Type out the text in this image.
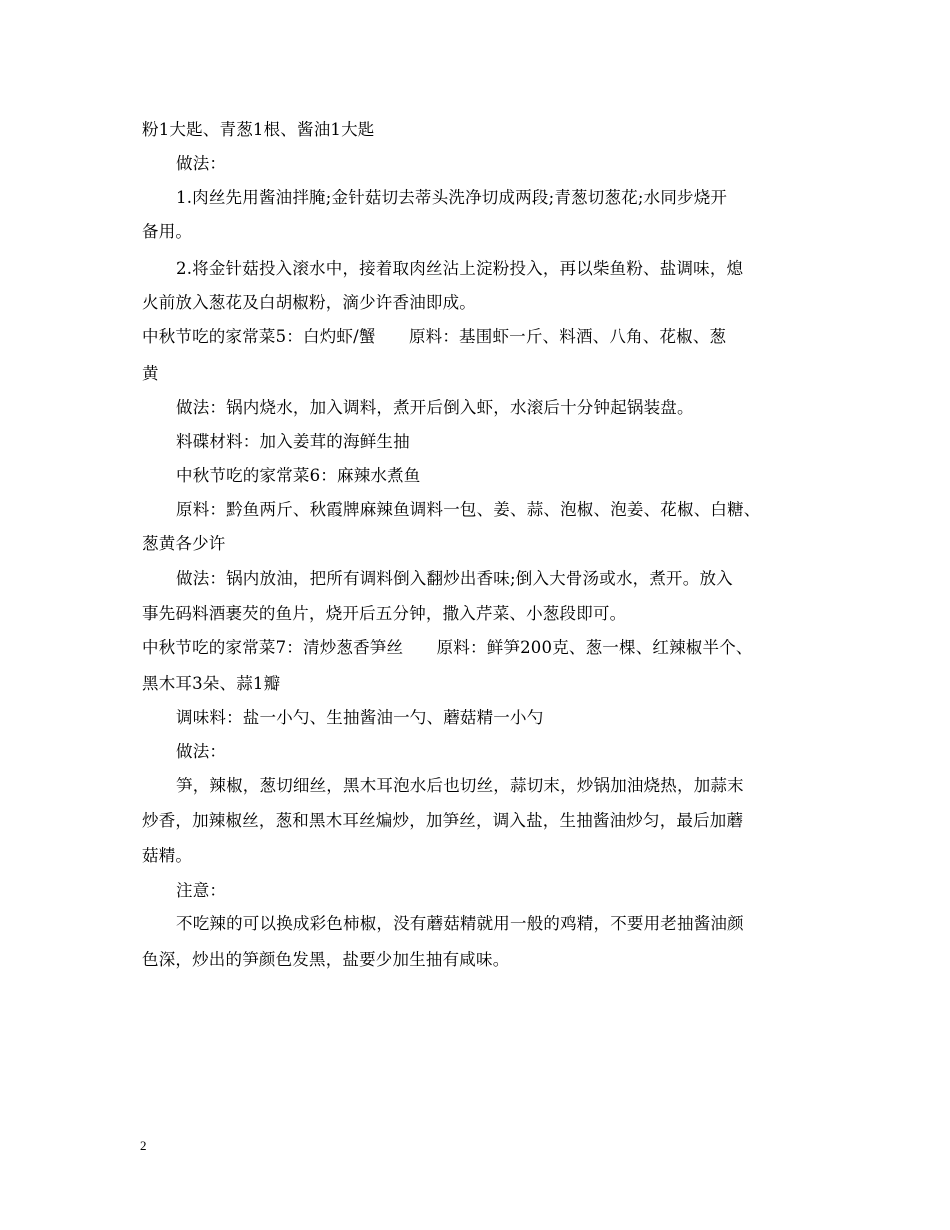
粉1大匙、青葱1根、酱油1大匙
做法：
1.肉丝先用酱油拌腌;金针菇切去蒂头洗净切成两段;青葱切葱花;水同步烧开
备用。
2.将金针菇投入滚水中，接着取肉丝沾上淀粉投入，再以柴鱼粉、盐调味，熄
火前放入葱花及白胡椒粉，滴少许香油即成。
中秋节吃的家常菜5：白灼虾/蟹　　原料：基围虾一斤、料酒、八角、花椒、葱
黄
做法：锅内烧水，加入调料，煮开后倒入虾，水滚后十分钟起锅装盘。
料碟材料：加入姜茸的海鲜生抽
中秋节吃的家常菜6：麻辣水煮鱼
原料：黔鱼两斤、秋霞牌麻辣鱼调料一包、姜、蒜、泡椒、泡姜、花椒、白糖、
葱黄各少许
做法：锅内放油，把所有调料倒入翻炒出香味;倒入大骨汤或水，煮开。放入
事先码料酒裹芡的鱼片，烧开后五分钟，撒入芹菜、小葱段即可。
中秋节吃的家常菜7：清炒葱香笋丝　　原料：鲜笋200克、葱一棵、红辣椒半个、
黑木耳3朵、蒜1瓣
调味料：盐一小勺、生抽酱油一勺、蘑菇精一小勺
做法：
笋，辣椒，葱切细丝，黑木耳泡水后也切丝，蒜切末，炒锅加油烧热，加蒜末
炒香，加辣椒丝，葱和黑木耳丝煸炒，加笋丝，调入盐，生抽酱油炒匀，最后加蘑
菇精。
注意：
不吃辣的可以换成彩色柿椒，没有蘑菇精就用一般的鸡精，不要用老抽酱油颜
色深，炒出的笋颜色发黑，盐要少加生抽有咸味。
2
